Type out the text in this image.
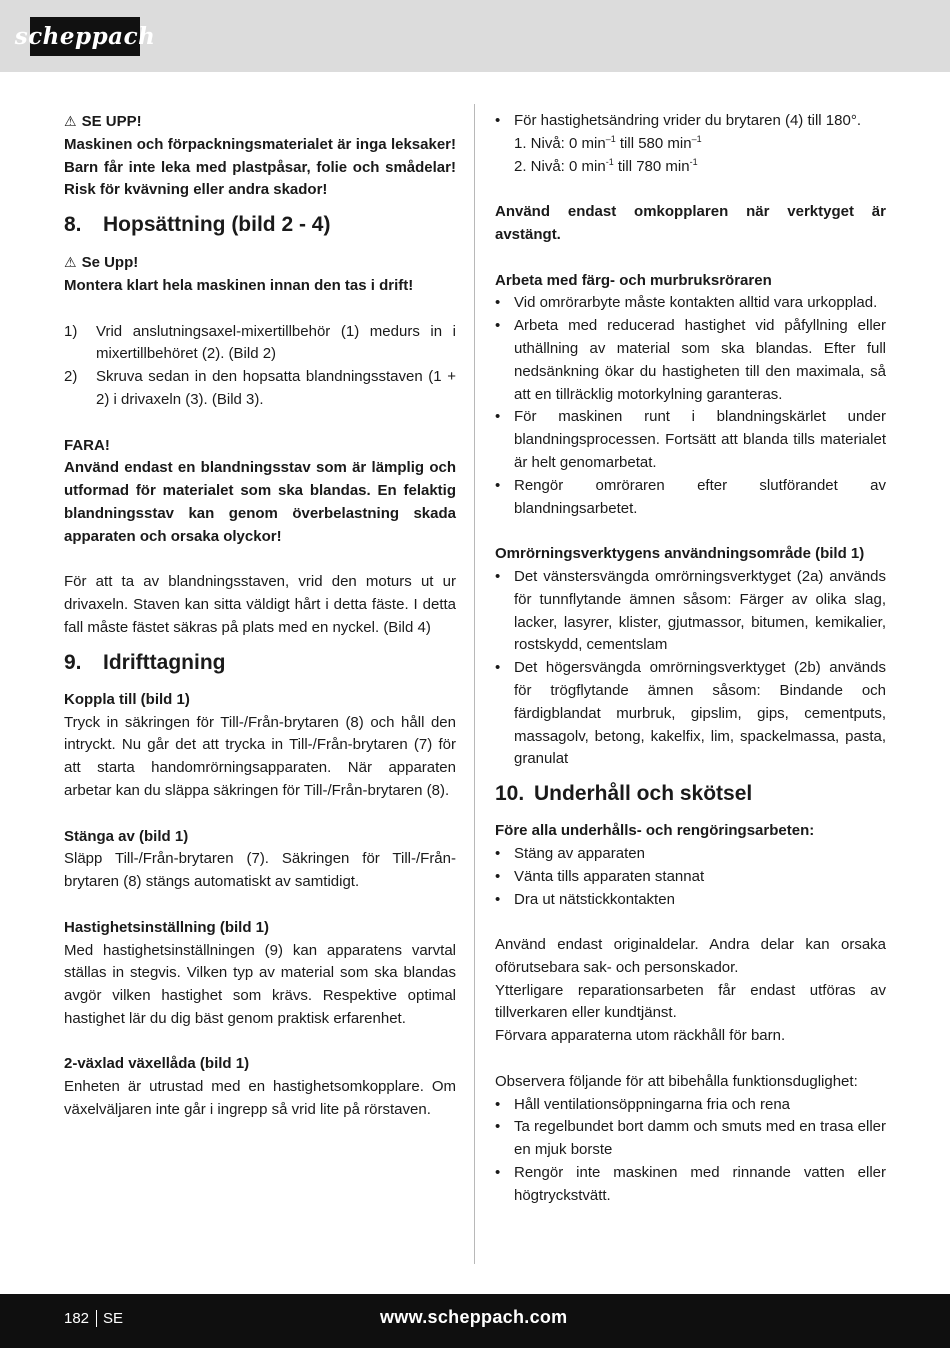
scheppach

⚠ SE UPP!

Maskinen och förpackningsmaterialet är inga leksaker! Barn får inte leka med plastpåsar, folie och smådelar! Risk för kvävning eller andra skador!

8.	Hopsättning (bild 2 - 4)

⚠ Se Upp!

Montera klart hela maskinen innan den tas i drift!

1) Vrid anslutningsaxel-mixertillbehör (1) medurs in i mixertillbehöret (2). (Bild 2)
2) Skruva sedan in den hopsatta blandningsstaven (1 + 2) i drivaxeln (3). (Bild 3).

FARA!

Använd endast en blandningsstav som är lämplig och utformad för materialet som ska blandas. En felaktig blandningsstav kan genom överbelastning skada apparaten och orsaka olyckor!

För att ta av blandningsstaven, vrid den moturs ut ur drivaxeln. Staven kan sitta väldigt hårt i detta fäste. I detta fall måste fästet säkras på plats med en nyckel. (Bild 4)

9.	Idrifttagning

Koppla till (bild 1)

Tryck in säkringen för Till-/Från-brytaren (8) och håll den intryckt. Nu går det att trycka in Till-/Från-brytaren (7) för att starta handomrörningsapparaten. När apparaten arbetar kan du släppa säkringen för Till-/Från-brytaren (8).

Stänga av (bild 1)

Släpp Till-/Från-brytaren (7). Säkringen för Till-/Från-brytaren (8) stängs automatiskt av samtidigt.

Hastighetsinställning (bild 1)

Med hastighetsinställningen (9) kan apparatens varvtal ställas in stegvis. Vilken typ av material som ska blandas avgör vilken hastighet som krävs. Respektive optimal hastighet lär du dig bäst genom praktisk erfarenhet.

2-växlad växellåda (bild 1)

Enheten är utrustad med en hastighetsomkopplare. Om växelväljaren inte går i ingrepp så vrid lite på rörstaven.

• För hastighetsändring vrider du brytaren (4) till 180°.

1. Nivå: 0 $\min^{-1}$ till 580 $\min^{-1}$

2. Nivå: 0 $\min^{-1}$ till 780 $\min^{-1}$

Använd endast omkopplaren när verktyget är avstängt.

Arbeta med färg- och murbruksröraren

• Vid omrörarbyte måste kontakten alltid vara urkopplad.
• Arbeta med reducerad hastighet vid påfyllning eller uthällning av material som ska blandas. Efter full nedsänkning ökar du hastigheten till den maximala, så att en tillräcklig motorkylning garanteras.
• För maskinen runt i blandningskärlet under blandningsprocessen. Fortsätt att blanda tills materialet är helt genomarbetat.
• Rengör omröraren efter slutförandet av blandningsarbetet.

Omrörningsverktygens användningsområde (bild 1)

• Det vänstersvängda omrörningsverktyget (2a) används för tunnflytande ämnen såsom: Färger av olika slag, lacker, lasyrer, klister, gjutmassor, bitumen, kemikalier, rostskydd, cementslam
• Det högersvängda omrörningsverktyget (2b) används för trögflytande ämnen såsom: Bindande och färdigblandat murbruk, gipslim, gips, cementputs, massagolv, betong, kakelfix, lim, spackelmassa, pasta, granulat
10. Underhåll och skötsel

Före alla underhålls- och rengöringsarbeten:

• Stäng av apparaten
• Vänta tills apparaten stannat
• Dra ut nätstickkontakten

Använd endast originaldelar. Andra delar kan orsaka oförutsebara sak- och personskador.

Ytterligare reparationsarbeten får endast utföras av tillverkaren eller kundtjänst.

Förvara apparaterna utom räckhåll för barn.

Observera följande för att bibehålla funktionsduglighet:

• Håll ventilationsöppningarna fria och rena
• Ta regelbundet bort damm och smuts med en trasa eller en mjuk borste
• Rengör inte maskinen med rinnande vatten eller högtryckstvätt.
182 SE	www.scheppach.com
